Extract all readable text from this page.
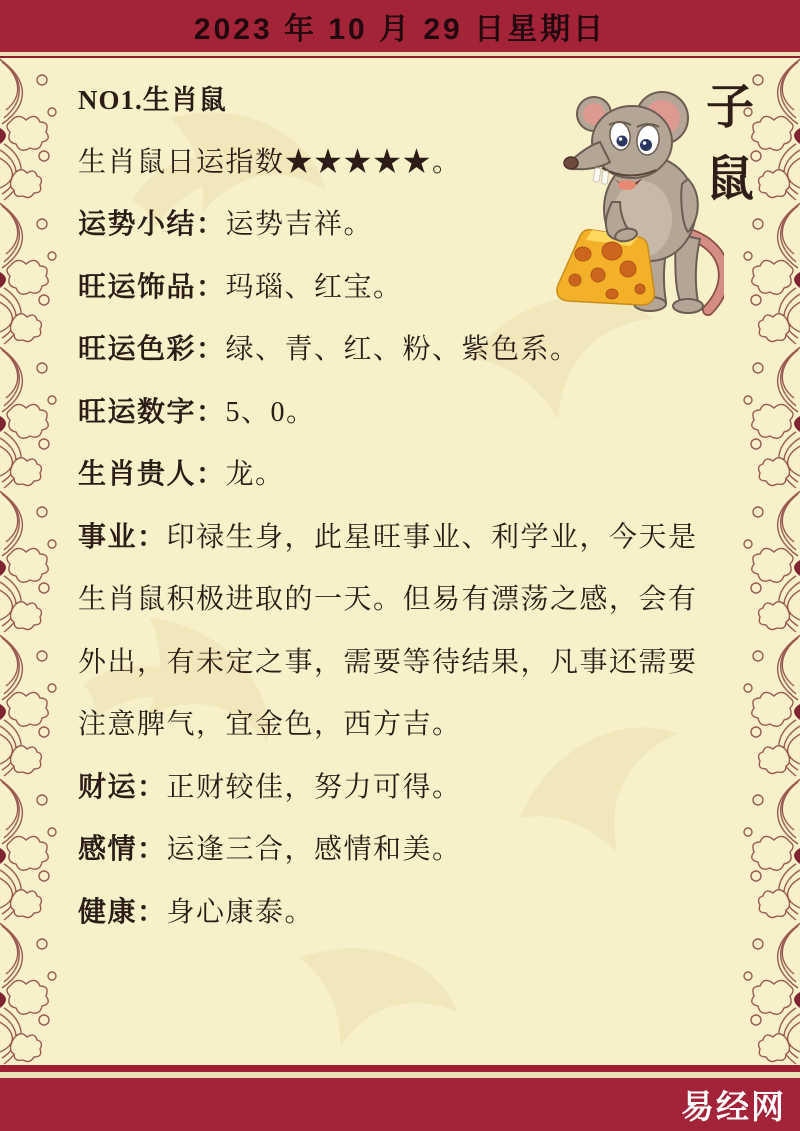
2023 年 10 月 29 日星期日
NO1.生肖鼠
生肖鼠日运指数★★★★★。
运势小结： 运势吉祥。
旺运饰品： 玛瑙、红宝。
旺运色彩： 绿、青、红、粉、紫色系。
旺运数字： 5、0。
生肖贵人： 龙。
事业： 印禄生身，此星旺事业、利学业，今天是
生肖鼠积极进取的一天。但易有漂荡之感，会有
外出，有未定之事，需要等待结果，凡事还需要
注意脾气，宜金色，西方吉。
财运： 正财较佳，努力可得。
感情： 运逢三合，感情和美。
健康： 身心康泰。
子
鼠
易经网
